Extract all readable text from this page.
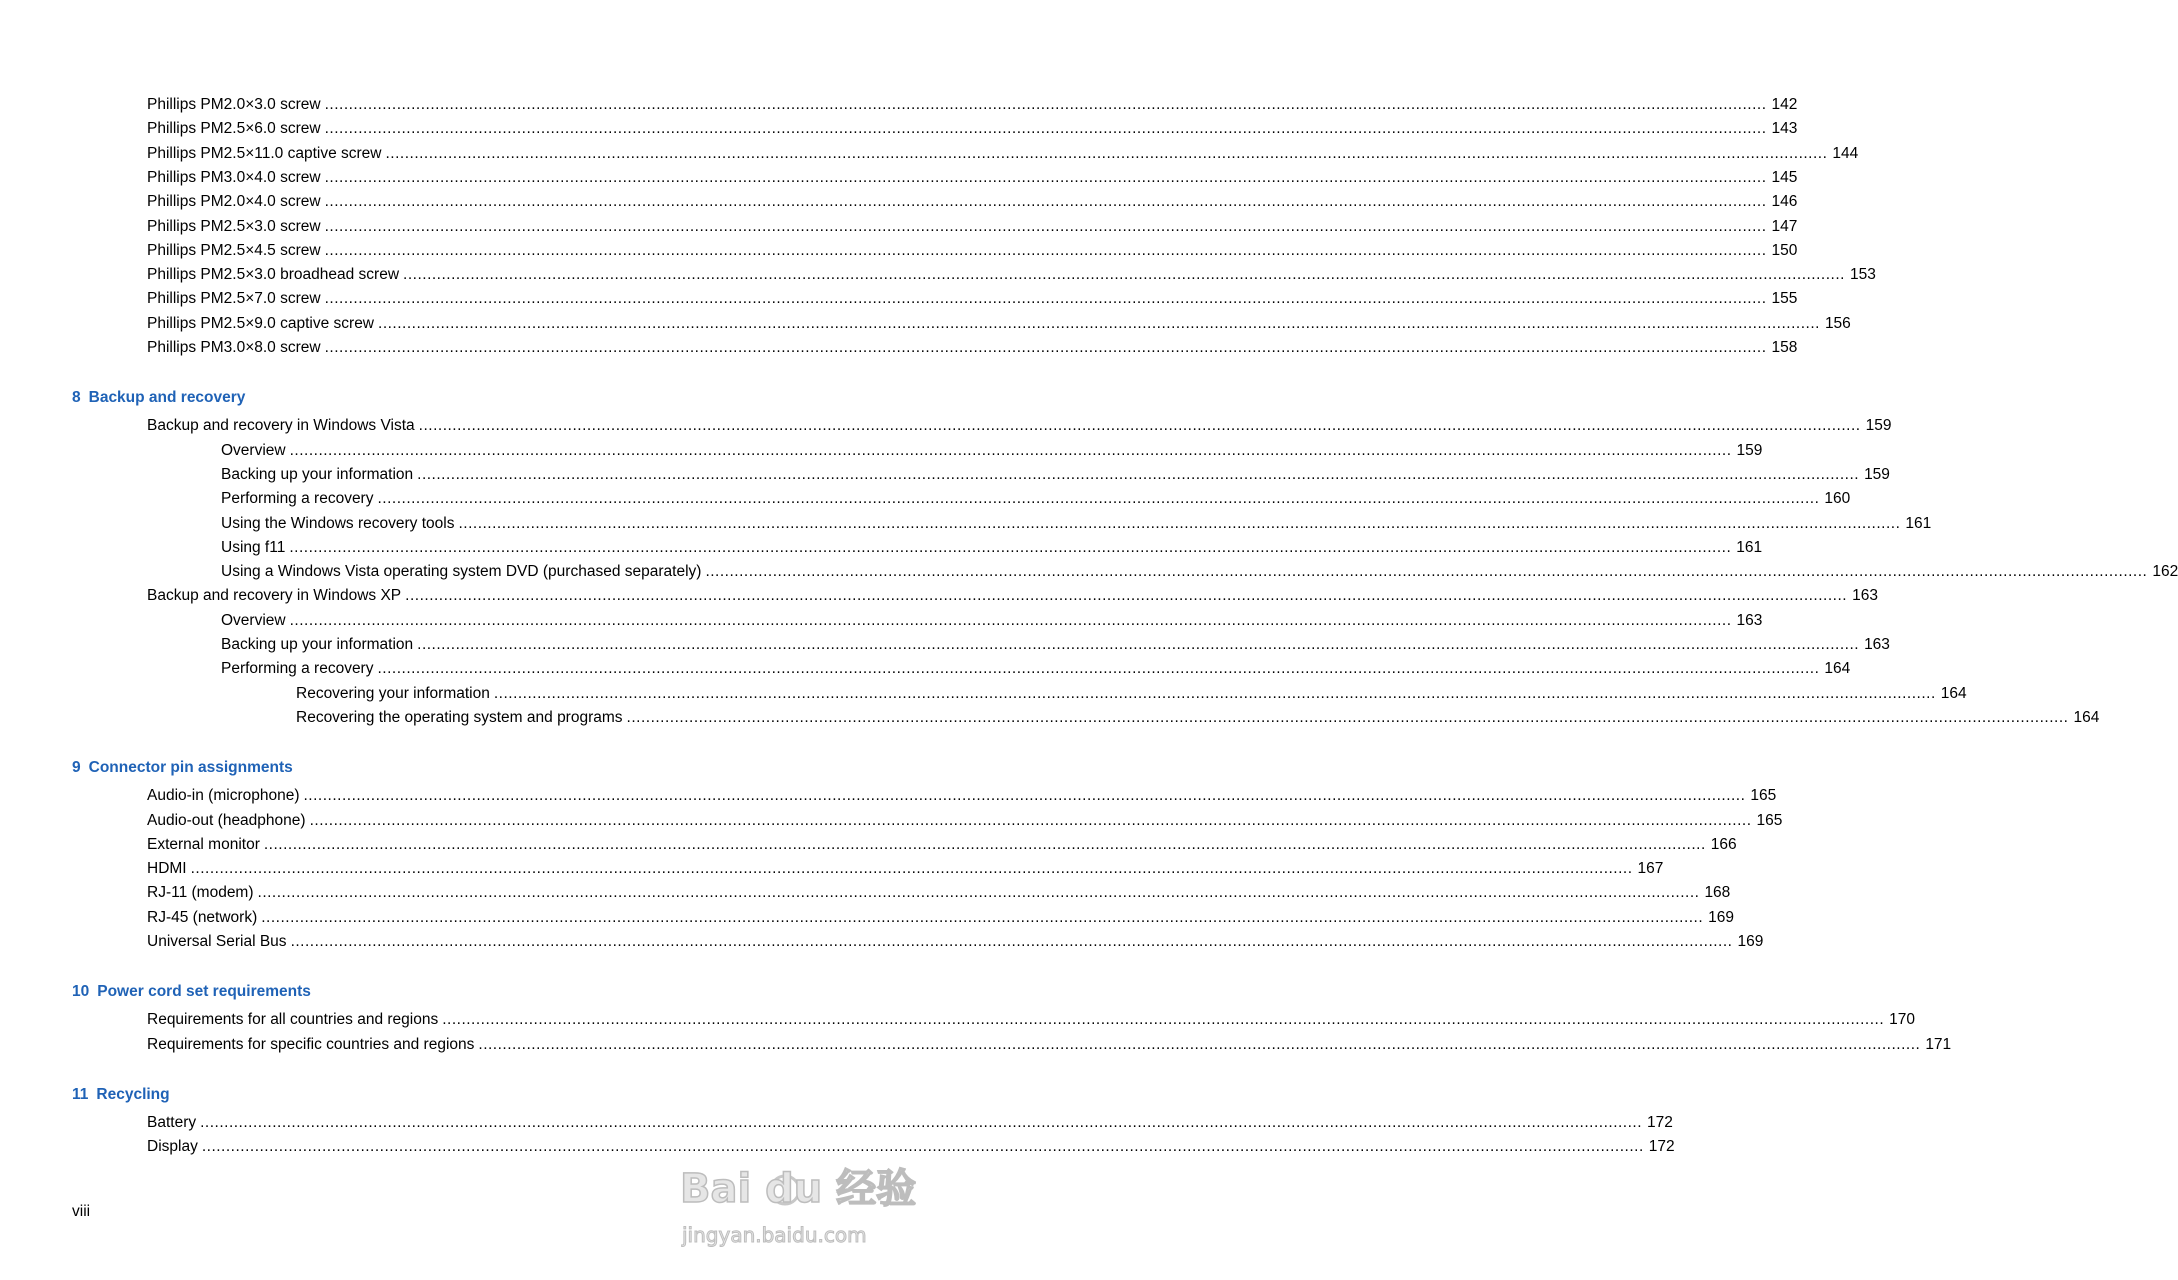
Phillips PM2.0×3.0 screw ............................................................................................................................................................................................................................................................................................................ 142
Phillips PM2.5×6.0 screw ............................................................................................................................................................................................................................................................................................................ 143
Phillips PM2.5×11.0 captive screw ............................................................................................................................................................................................................................................................................................................ 144
Phillips PM3.0×4.0 screw ............................................................................................................................................................................................................................................................................................................ 145
Phillips PM2.0×4.0 screw ............................................................................................................................................................................................................................................................................................................ 146
Phillips PM2.5×3.0 screw ............................................................................................................................................................................................................................................................................................................ 147
Phillips PM2.5×4.5 screw ............................................................................................................................................................................................................................................................................................................ 150
Phillips PM2.5×3.0 broadhead screw ............................................................................................................................................................................................................................................................................................................ 153
Phillips PM2.5×7.0 screw ............................................................................................................................................................................................................................................................................................................ 155
Phillips PM2.5×9.0 captive screw ............................................................................................................................................................................................................................................................................................................ 156
Phillips PM3.0×8.0 screw ............................................................................................................................................................................................................................................................................................................ 158
8 Backup and recovery
Backup and recovery in Windows Vista ............................................................................................................................................................................................................................................................................................................ 159
Overview ............................................................................................................................................................................................................................................................................................................ 159
Backing up your information ............................................................................................................................................................................................................................................................................................................ 159
Performing a recovery ............................................................................................................................................................................................................................................................................................................ 160
Using the Windows recovery tools ............................................................................................................................................................................................................................................................................................................ 161
Using f11 ............................................................................................................................................................................................................................................................................................................ 161
Using a Windows Vista operating system DVD (purchased separately) ............................................................................................................................................................................................................................................................................................................ 162
Backup and recovery in Windows XP ............................................................................................................................................................................................................................................................................................................ 163
Overview ............................................................................................................................................................................................................................................................................................................ 163
Backing up your information ............................................................................................................................................................................................................................................................................................................ 163
Performing a recovery ............................................................................................................................................................................................................................................................................................................ 164
Recovering your information ............................................................................................................................................................................................................................................................................................................ 164
Recovering the operating system and programs ............................................................................................................................................................................................................................................................................................................ 164
9 Connector pin assignments
Audio-in (microphone) ............................................................................................................................................................................................................................................................................................................ 165
Audio-out (headphone) ............................................................................................................................................................................................................................................................................................................ 165
External monitor ............................................................................................................................................................................................................................................................................................................ 166
HDMI ............................................................................................................................................................................................................................................................................................................ 167
RJ-11 (modem) ............................................................................................................................................................................................................................................................................................................ 168
RJ-45 (network) ............................................................................................................................................................................................................................................................................................................ 169
Universal Serial Bus ............................................................................................................................................................................................................................................................................................................ 169
10 Power cord set requirements
Requirements for all countries and regions ............................................................................................................................................................................................................................................................................................................ 170
Requirements for specific countries and regions ............................................................................................................................................................................................................................................................................................................ 171
11 Recycling
Battery ............................................................................................................................................................................................................................................................................................................ 172
Display ............................................................................................................................................................................................................................................................................................................ 172
viii	Bai du 经验
jingyan.baidu.com
